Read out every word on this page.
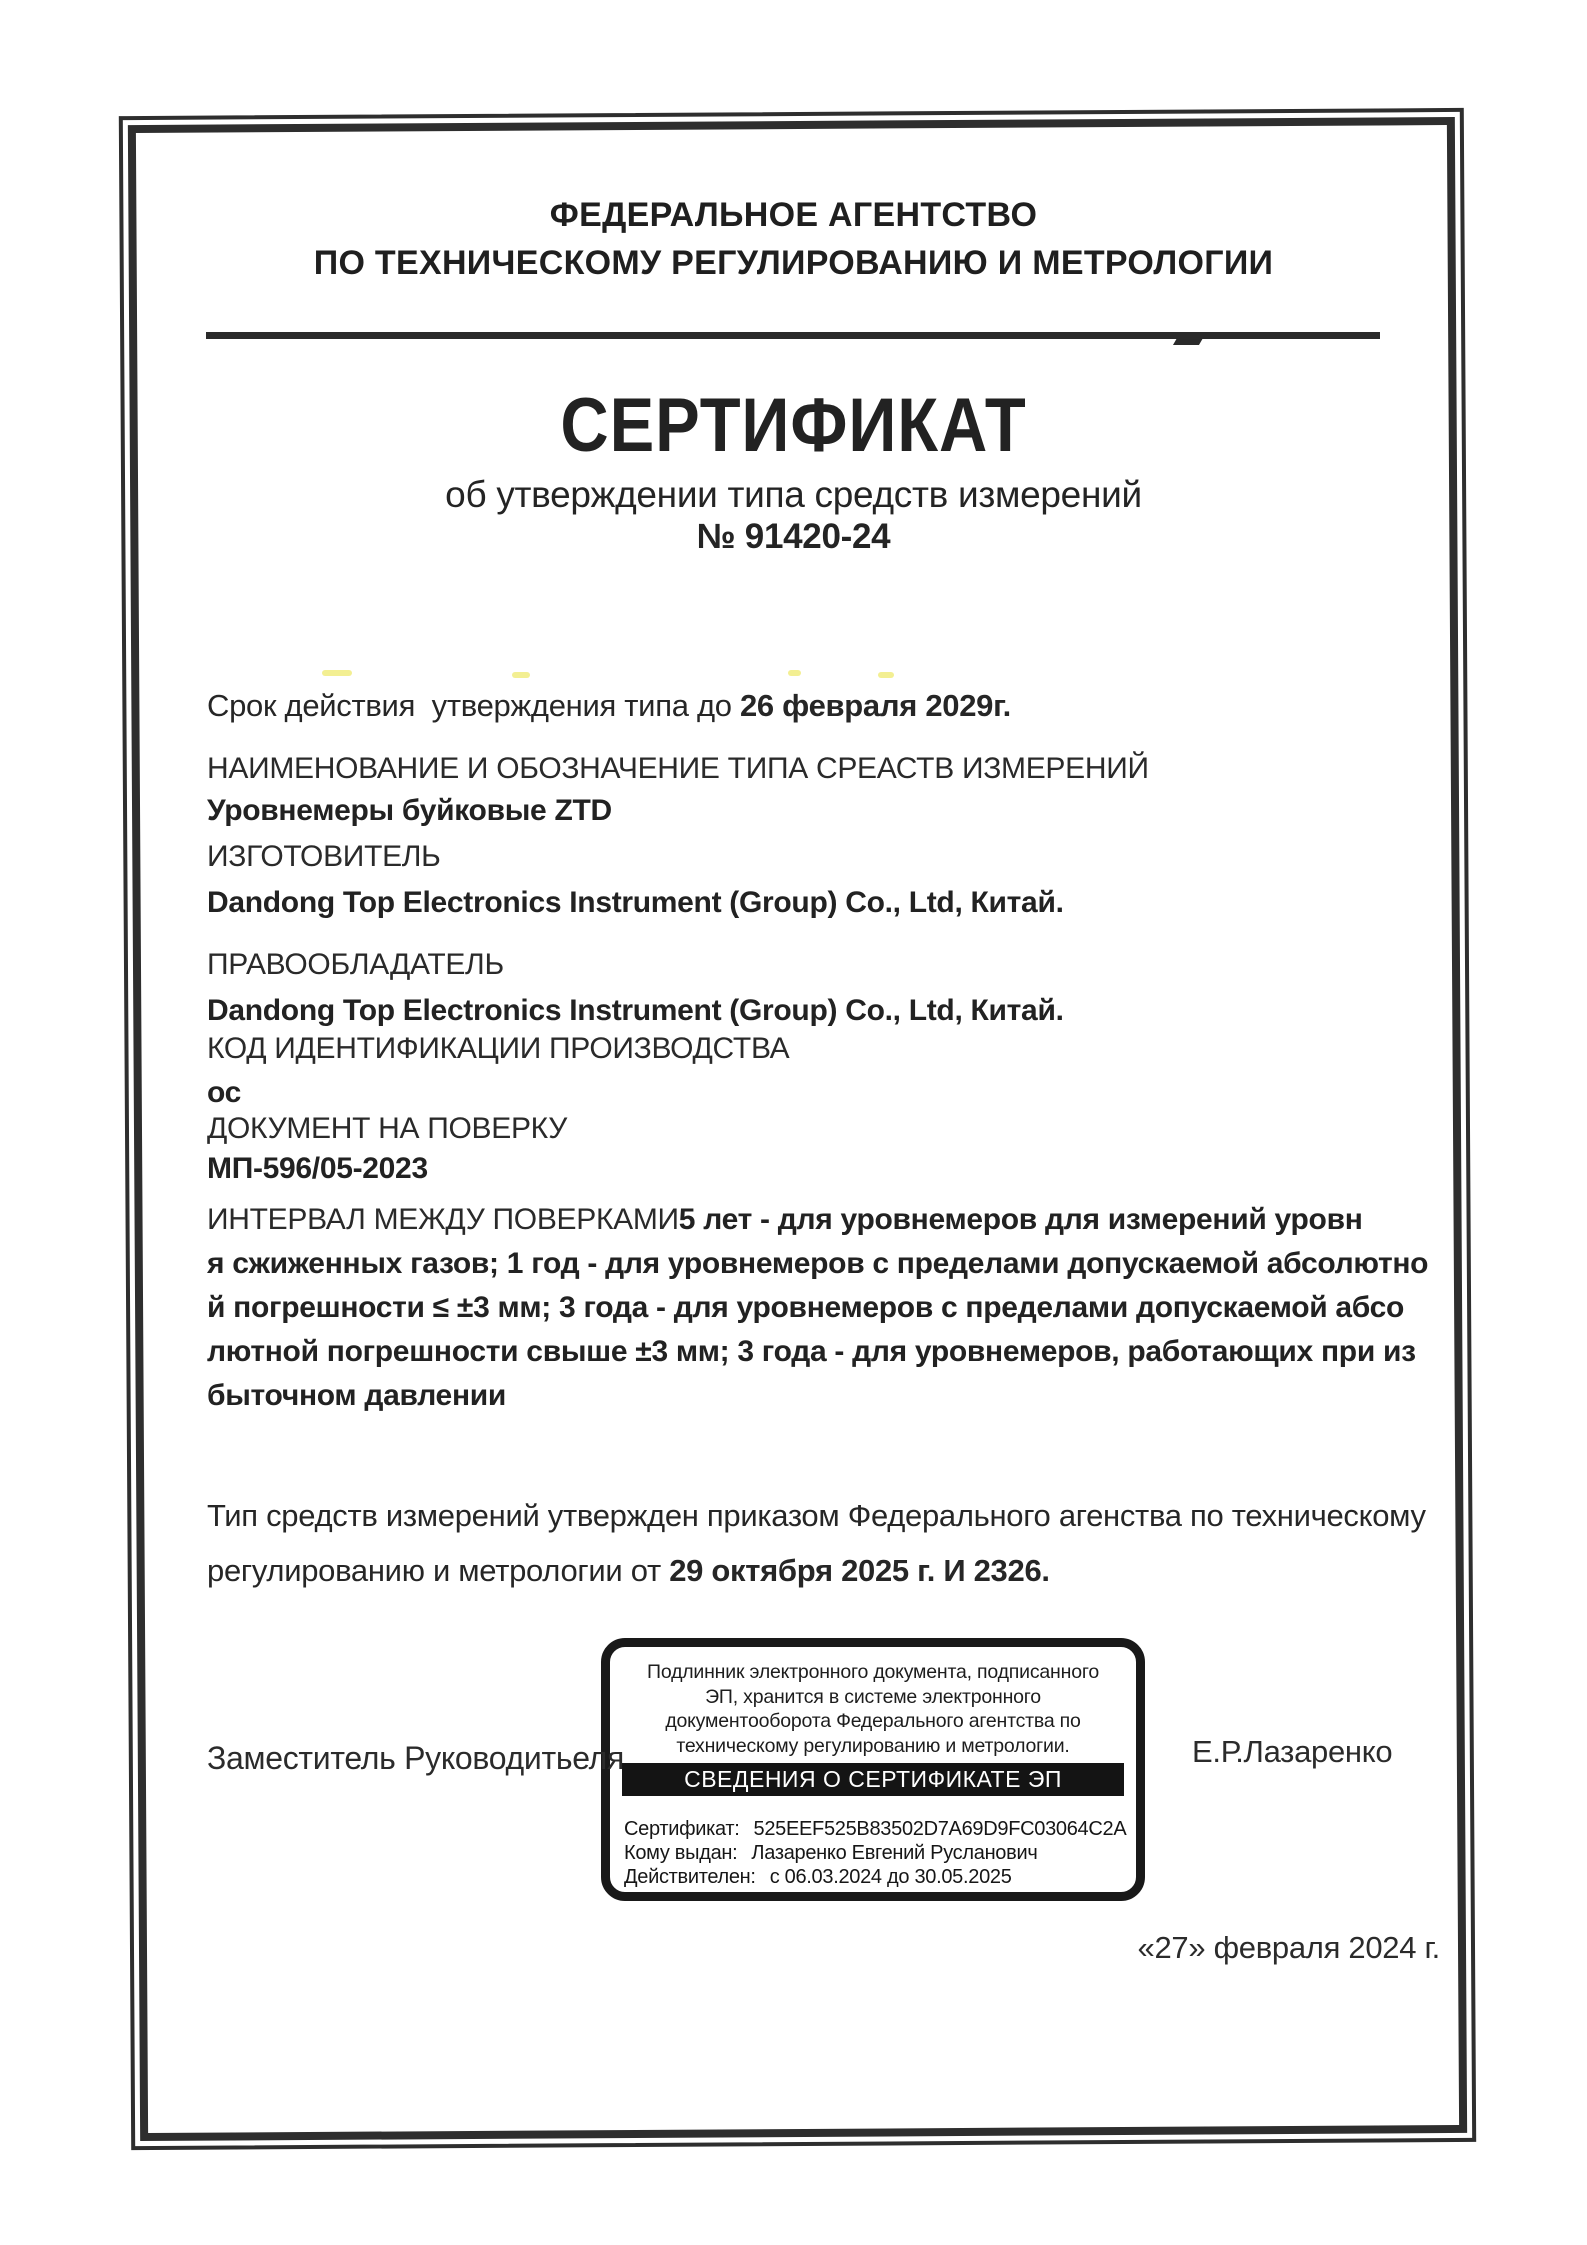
ФЕДЕРАЛЬНОЕ АГЕНТСТВО
ПО ТЕХНИЧЕСКОМУ РЕГУЛИРОВАНИЮ И МЕТРОЛОГИИ
СЕРТИФИКАТ
об утверждении типа средств измерений
№ 91420-24
Срок действия  утверждения типа до 26 февраля 2029г.
НАИМЕНОВАНИЕ И ОБОЗНАЧЕНИЕ ТИПА СРЕАСТВ ИЗМЕРЕНИЙ
Уровнемеры буйковые ZTD
ИЗГОТОВИТЕЛЬ
Dandong Top Electronics Instrument (Group) Co., Ltd, Китай.
ПРАВООБЛАДАТЕЛЬ
Dandong Top Electronics Instrument (Group) Co., Ltd, Китай.
КОД ИДЕНТИФИКАЦИИ ПРОИЗВОДСТВА
ос
ДОКУМЕНТ НА ПОВЕРКУ
МП-596/05-2023
ИНТЕРВАЛ МЕЖДУ ПОВЕРКАМИ5 лет - для уровнемеров для измерений уровн
я сжиженных газов; 1 год - для уровнемеров с пределами допускаемой абсолютно
й погрешности ≤ ±3 мм; 3 года - для уровнемеров с пределами допускаемой абсо
лютной погрешности свыше ±3 мм; 3 года - для уровнемеров, работающих при из
быточном давлении
Тип средств измерений утвержден приказом Федерального агенства по техническому
регулированию и метрологии от 29 октября 2025 г. И 2326.
Подлинник электронного документа, подписанного ЭП, хранится в системе электронного документооборота Федерального агентства по техническому регулированию и метрологии.
СВЕДЕНИЯ О СЕРТИФИКАТЕ ЭП
Сертификат: 525EEF525B83502D7A69D9FC03064C2A
Кому выдан: Лазаренко Евгений Русланович
Действителен: с 06.03.2024 до 30.05.2025
Заместитель Руководитьеля	Е.Р.Лазаренко
«27» февраля 2024 г.
